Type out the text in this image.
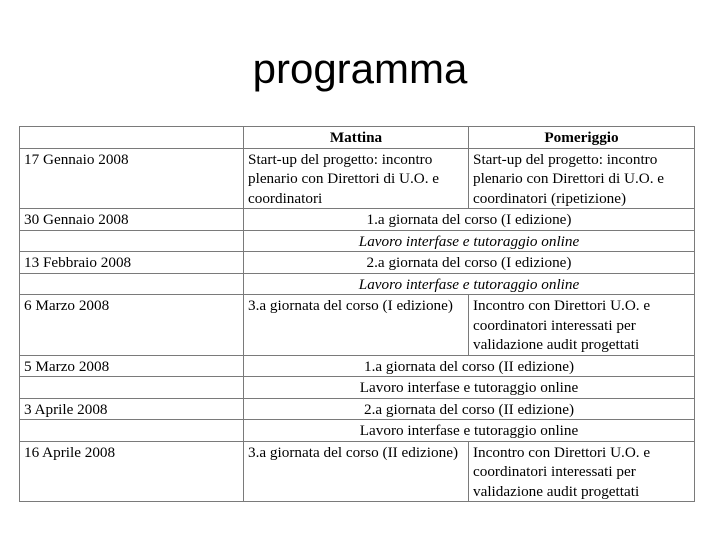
programma
	Mattina	Pomeriggio
17 Gennaio 2008	Start-up del progetto: incontro plenario con Direttori di U.O. e coordinatori	Start-up del progetto: incontro plenario con Direttori di U.O. e coordinatori (ripetizione)
30 Gennaio 2008	1.a giornata del corso (I edizione)	
	Lavoro interfase e tutoraggio online	
13 Febbraio 2008	2.a giornata del corso (I edizione)	
	Lavoro interfase e tutoraggio online	
6 Marzo 2008	3.a giornata del corso (I edizione)	Incontro con Direttori U.O. e coordinatori interessati per validazione audit progettati
5 Marzo 2008	1.a giornata del corso (II edizione)	
	Lavoro interfase e tutoraggio online	
3 Aprile 2008	2.a giornata del corso (II edizione)	
	Lavoro interfase e tutoraggio online	
16 Aprile 2008	3.a giornata del corso (II edizione)	Incontro con Direttori U.O. e coordinatori interessati per validazione audit progettati
